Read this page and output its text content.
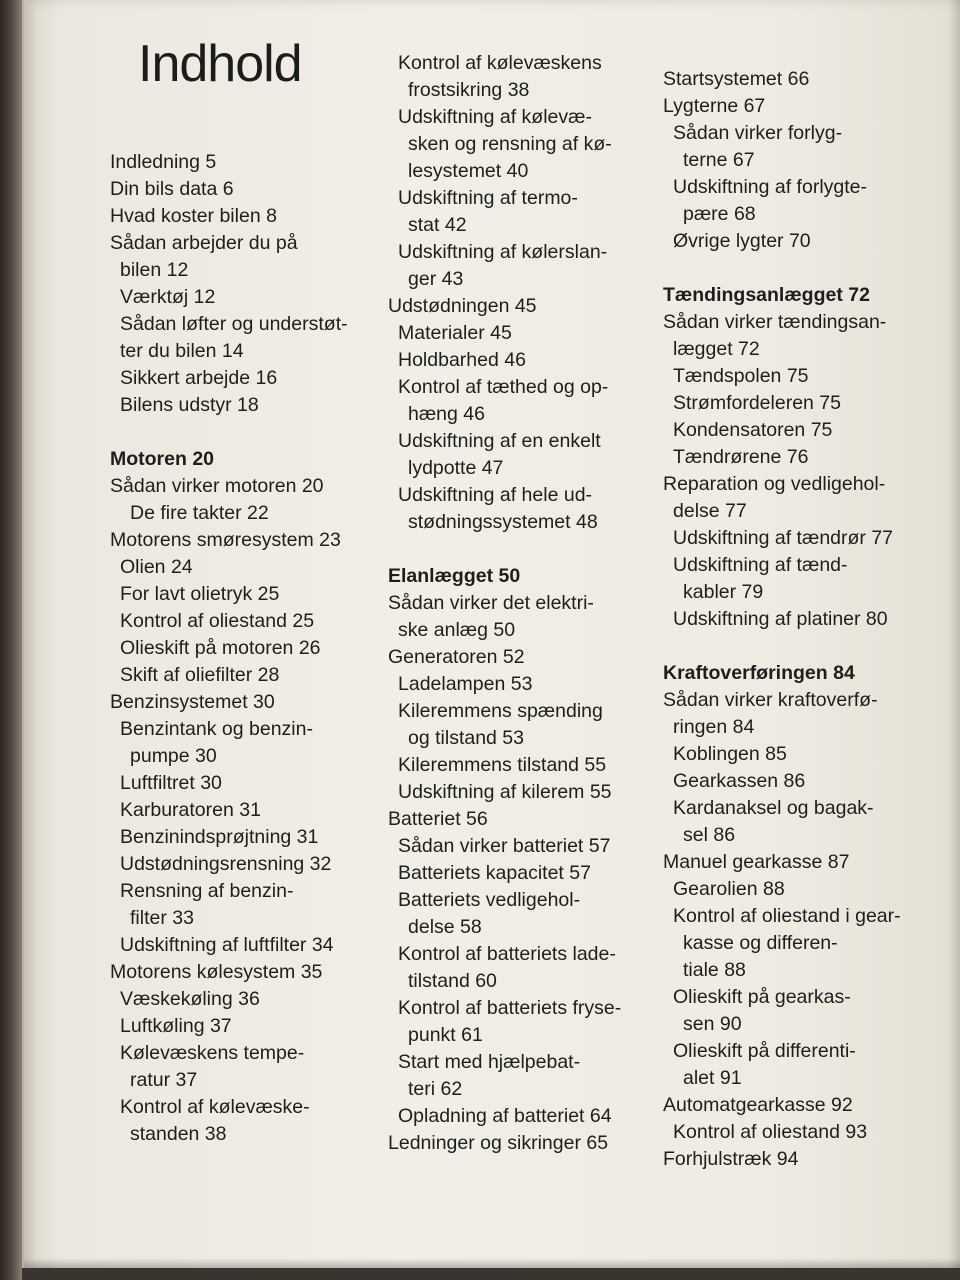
Indhold
Indledning 5
Din bils data 6
Hvad koster bilen 8
Sådan arbejder du på
bilen 12
Værktøj 12
Sådan løfter og understøt-
ter du bilen 14
Sikkert arbejde 16
Bilens udstyr 18
Motoren 20
Sådan virker motoren 20
De fire takter 22
Motorens smøresystem 23
Olien 24
For lavt olietryk 25
Kontrol af oliestand 25
Olieskift på motoren 26
Skift af oliefilter 28
Benzinsystemet 30
Benzintank og benzin-
pumpe 30
Luftfiltret 30
Karburatoren 31
Benzinindsprøjtning 31
Udstødningsrensning 32
Rensning af benzin-
filter 33
Udskiftning af luftfilter 34
Motorens kølesystem 35
Væskekøling 36
Luftkøling 37
Kølevæskens tempe-
ratur 37
Kontrol af kølevæske-
standen 38
Kontrol af kølevæskens
frostsikring 38
Udskiftning af kølevæ-
sken og rensning af kø-
lesystemet 40
Udskiftning af termo-
stat 42
Udskiftning af kølerslan-
ger 43
Udstødningen 45
Materialer 45
Holdbarhed 46
Kontrol af tæthed og op-
hæng 46
Udskiftning af en enkelt
lydpotte 47
Udskiftning af hele ud-
stødningssystemet 48
Elanlægget 50
Sådan virker det elektri-
ske anlæg 50
Generatoren 52
Ladelampen 53
Kileremmens spænding
og tilstand 53
Kileremmens tilstand 55
Udskiftning af kilerem 55
Batteriet 56
Sådan virker batteriet 57
Batteriets kapacitet 57
Batteriets vedligehol-
delse 58
Kontrol af batteriets lade-
tilstand 60
Kontrol af batteriets fryse-
punkt 61
Start med hjælpebat-
teri 62
Opladning af batteriet 64
Ledninger og sikringer 65
Startsystemet 66
Lygterne 67
Sådan virker forlyg-
terne 67
Udskiftning af forlygte-
pære 68
Øvrige lygter 70
Tændingsanlægget 72
Sådan virker tændingsan-
lægget 72
Tændspolen 75
Strømfordeleren 75
Kondensatoren 75
Tændrørene 76
Reparation og vedligehol-
delse 77
Udskiftning af tændrør 77
Udskiftning af tænd-
kabler 79
Udskiftning af platiner 80
Kraftoverføringen 84
Sådan virker kraftoverfø-
ringen 84
Koblingen 85
Gearkassen 86
Kardanaksel og bagak-
sel 86
Manuel gearkasse 87
Gearolien 88
Kontrol af oliestand i gear-
kasse og differen-
tiale 88
Olieskift på gearkas-
sen 90
Olieskift på differenti-
alet 91
Automatgearkasse 92
Kontrol af oliestand 93
Forhjulstræk 94
